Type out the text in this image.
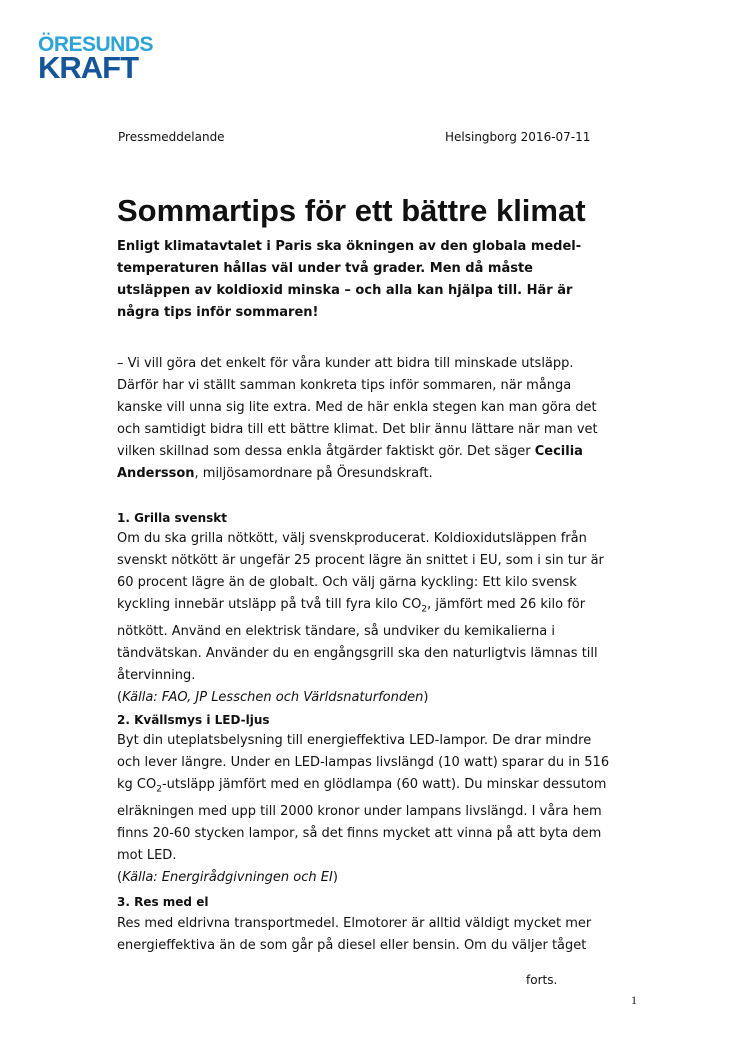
ÖRESUNDS
KRAFT
Pressmeddelande	Helsingborg 2016-07-11
Sommartips för ett bättre klimat

Enligt klimatavtalet i Paris ska ökningen av den globala medel-temperaturen hållas väl under två grader. Men då måste utsläppen av koldioxid minska – och alla kan hjälpa till. Här är några tips inför sommaren!

– Vi vill göra det enkelt för våra kunder att bidra till minskade utsläpp. Därför har vi ställt samman konkreta tips inför sommaren, när många kanske vill unna sig lite extra. Med de här enkla stegen kan man göra det och samtidigt bidra till ett bättre klimat. Det blir ännu lättare när man vet vilken skillnad som dessa enkla åtgärder faktiskt gör. Det säger Cecilia Andersson, miljösamordnare på Öresundskraft.

1. Grilla svenskt

Om du ska grilla nötkött, välj svenskproducerat. Koldioxidutsläppen från svenskt nötkött är ungefär 25 procent lägre än snittet i EU, som i sin tur är 60 procent lägre än de globalt. Och välj gärna kyckling: Ett kilo svensk kyckling innebär utsläpp på två till fyra kilo $CO_2$, jämfört med 26 kilo för nötkött. Använd en elektrisk tändare, så undviker du kemikalierna i tändvätskan. Använder du en engångsgrill ska den naturligtvis lämnas till återvinning.
(Källa: FAO, JP Lesschen och Världsnaturfonden)

2. Kvällsmys i LED-ljus

Byt din uteplatsbelysning till energieffektiva LED-lampor. De drar mindre och lever längre. Under en LED-lampas livslängd (10 watt) sparar du in 516 kg $CO_2$-utsläpp jämfört med en glödlampa (60 watt). Du minskar dessutom elräkningen med upp till 2000 kronor under lampans livslängd. I våra hem finns 20-60 stycken lampor, så det finns mycket att vinna på att byta dem mot LED.
(Källa: Energirådgivningen och EI)

3. Res med el

Res med eldrivna transportmedel. Elmotorer är alltid väldigt mycket mer energieffektiva än de som går på diesel eller bensin. Om du väljer tåget

forts.
1
